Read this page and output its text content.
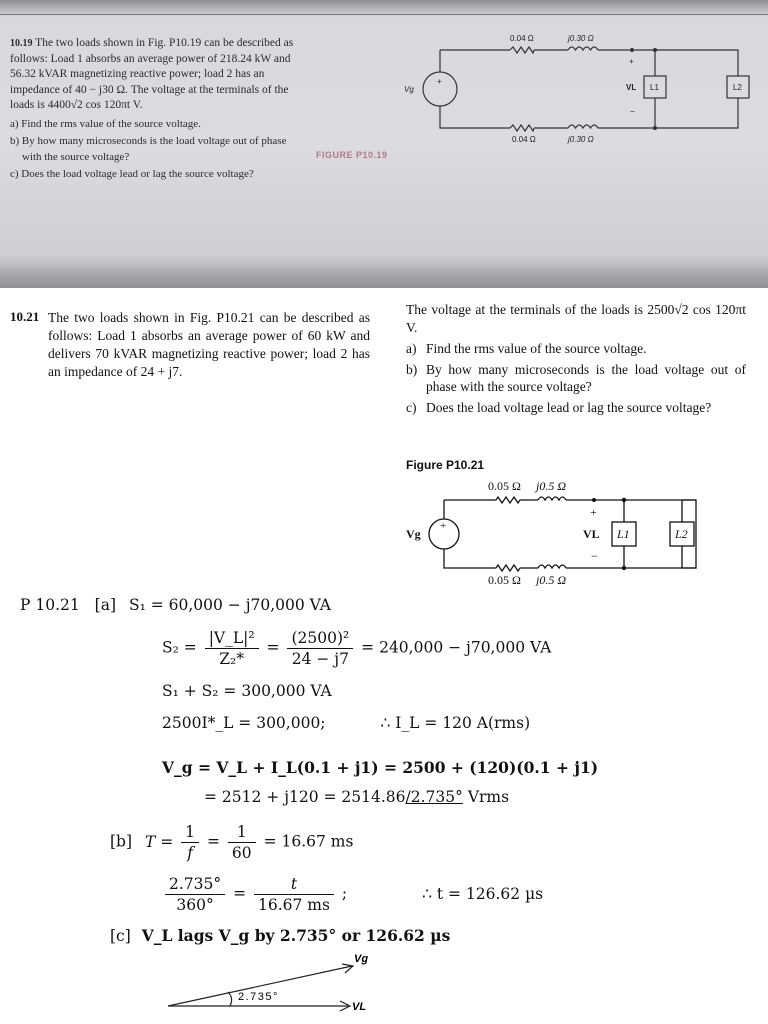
10.19 The two loads shown in Fig. P10.19 can be described as follows: Load 1 absorbs an average power of 218.24 kW and 56.32 kVAR magnetizing reactive power; load 2 has an impedance of 40 − j30 Ω. The voltage at the terminals of the loads is 4400√2 cos 120πt V.
a) Find the rms value of the source voltage.
b) By how many microseconds is the load voltage out of phase with the source voltage?
c) Does the load voltage lead or lag the source voltage?
FIGURE P10.19
+
Vg
0.04 Ω	j0.30 Ω
0.04 Ω	j0.30 Ω
+
VL
−
L1	L2
10.21 The two loads shown in Fig. P10.21 can be described as follows: Load 1 absorbs an average power of 60 kW and delivers 70 kVAR magnetizing reactive power; load 2 has an impedance of 24 + j7.
The voltage at the terminals of the loads is 2500√2 cos 120πt V.
a) Find the rms value of the source voltage.
b) By how many microseconds is the load voltage out of phase with the source voltage?
c) Does the load voltage lead or lag the source voltage?
Figure P10.21
+
Vg
0.05 Ω j0.5 Ω
0.05 Ω j0.5 Ω
+
VL
−
L1	L2
P 10.21 [a] S₁ = 60,000 − j70,000 VA
$S_2 = \frac{\text{|V\_L|²}}{\text{Z₂*}} = \frac{\text{(2500)²}}{24 - j7} = 240,000 - j70,000$ VA
S₁ + S₂ = 300,000 VA
2500I*_L = 300,000;	∴ I_L = 120 A(rms)
V_g = V_L + I_L(0.1 + j1) = 2500 + (120)(0.1 + j1)
= 2512 + j120 = 2514.86/2.735° Vrms
[b] $T = \frac{1}{f} = \frac{1}{60} = 16.67$ ms
$\frac{2.735^\circ}{360^\circ} = \frac{t}{16.67 ms}$ ;	∴ t = 126.62 µs
[c] V_L lags V_g by 2.735° or 126.62 µs
Vg
VL
2.735°
